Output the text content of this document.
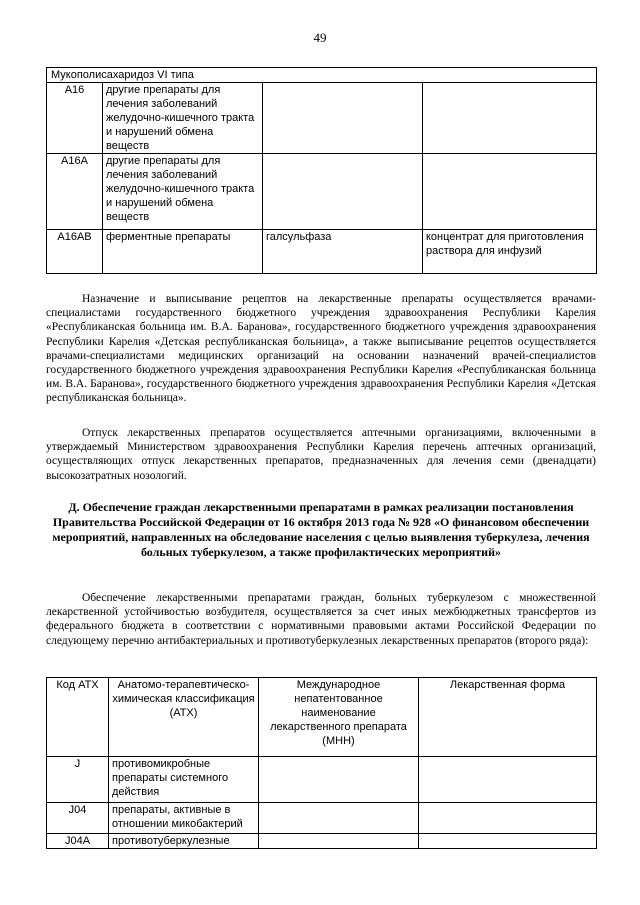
49
Мукополисахаридоз VI типа			
A16	другие препараты для лечения заболеваний желудочно-кишечного тракта и нарушений обмена веществ		
A16A	другие препараты для лечения заболеваний желудочно-кишечного тракта и нарушений обмена веществ		
A16AB	ферментные препараты	галсульфаза	концентрат для приготовления раствора для инфузий

Назначение и выписывание рецептов на лекарственные препараты осуществляется врачами-специалистами государственного бюджетного учреждения здравоохранения Республики Карелия «Республиканская больница им. В.А. Баранова», государственного бюджетного учреждения здравоохранения Республики Карелия «Детская республиканская больница», а также выписывание рецептов осуществляется врачами-специалистами медицинских организаций на основании назначений врачей-специалистов государственного бюджетного учреждения здравоохранения Республики Карелия «Республиканская больница им. В.А. Баранова», государственного бюджетного учреждения здравоохранения Республики Карелия «Детская республиканская больница».

Отпуск лекарственных препаратов осуществляется аптечными организациями, включенными в утверждаемый Министерством здравоохранения Республики Карелия перечень аптечных организаций, осуществляющих отпуск лекарственных препаратов, предназначенных для лечения семи (двенадцати) высокозатратных нозологий.

Д. Обеспечение граждан лекарственными препаратами в рамках реализации постановления Правительства Российской Федерации от 16 октября 2013 года № 928 «О финансовом обеспечении мероприятий, направленных на обследование населения с целью выявления туберкулеза, лечения больных туберкулезом, а также профилактических мероприятий»

Обеспечение лекарственными препаратами граждан, больных туберкулезом с множественной лекарственной устойчивостью возбудителя, осуществляется за счет иных межбюджетных трансфертов из федерального бюджета в соответствии с нормативными правовыми актами Российской Федерации по следующему перечню антибактериальных и противотуберкулезных лекарственных препаратов (второго ряда):

Код АТХ	Анатомо-терапевтическо-химическая классификация (АТХ)	Международное непатентованное наименование лекарственного препарата (МНН)	Лекарственная форма
J	противомикробные препараты системного действия		
J04	препараты, активные в отношении микобактерий		
J04A	противотуберкулезные		
